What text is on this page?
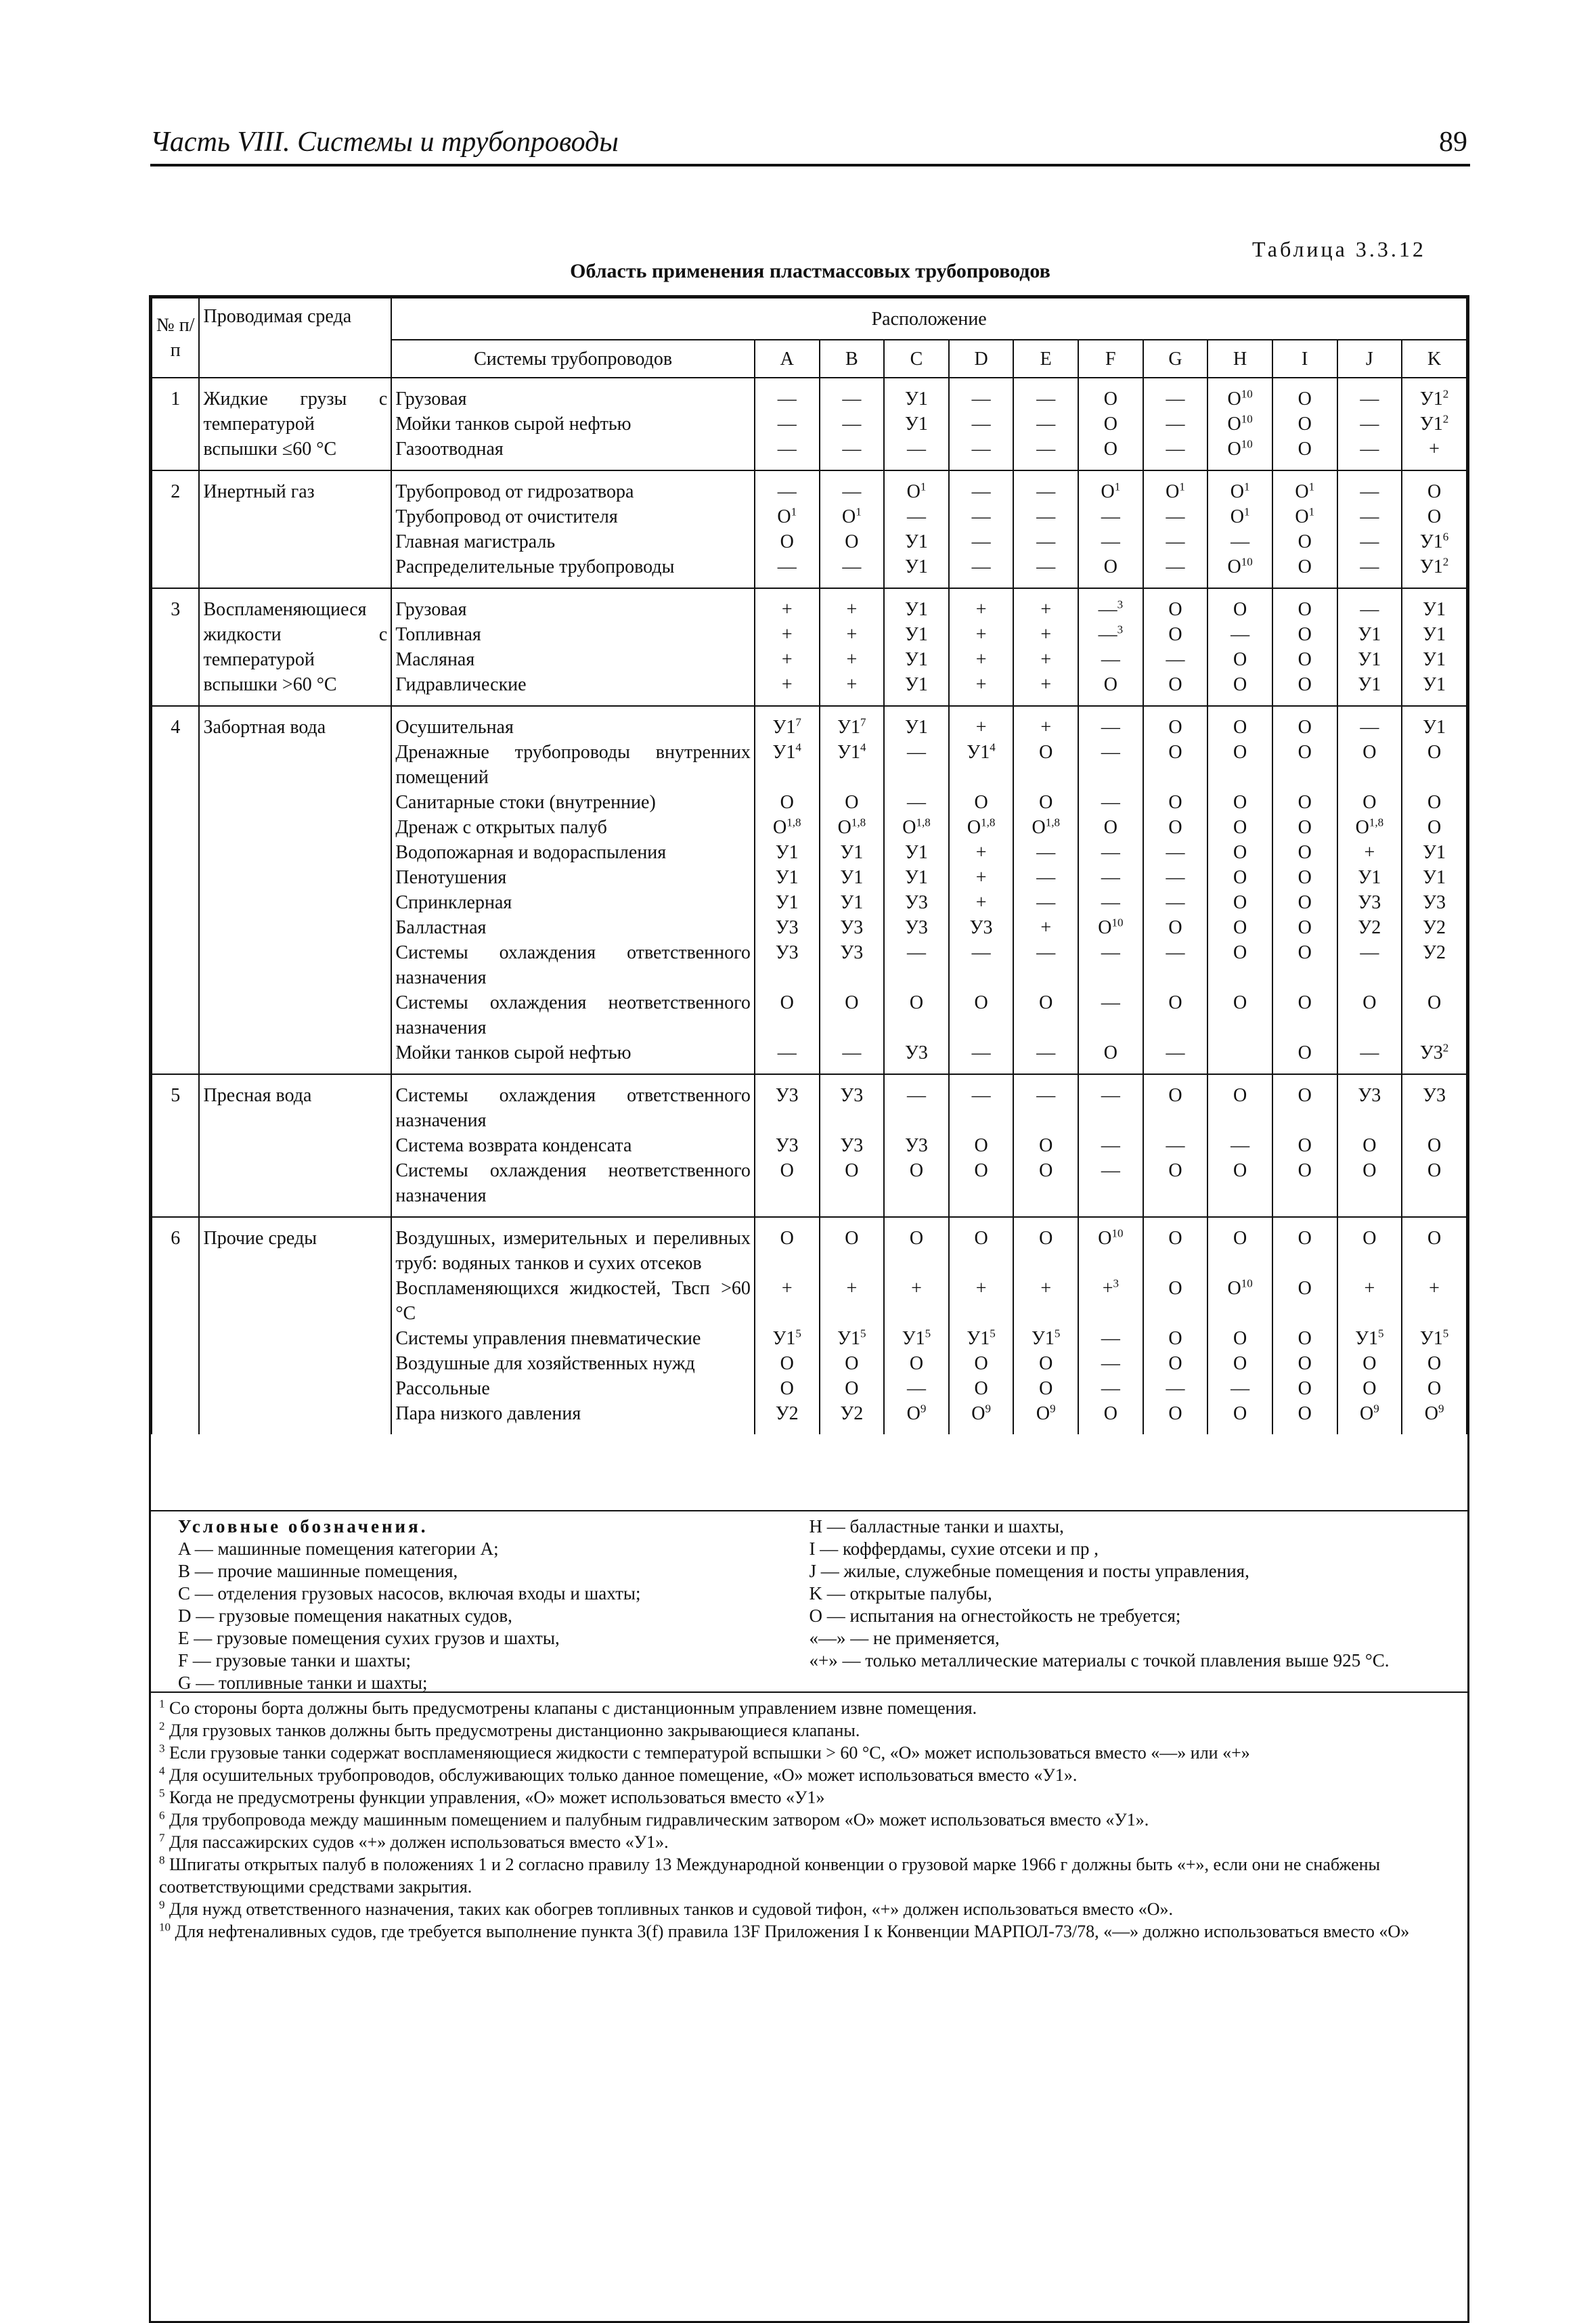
Часть VIII. Системы и трубопроводы	89
Таблица 3.3.12
Область применения пластмассовых трубопроводов
№ п/п	Проводимая среда	Расположение											
		Системы трубопроводов	A	B	C	D	E	F	G	H	I	J	K
1	Жидкие грузы с температурой вспышки ≤60 °С	Грузовая	—	—	У1	—	—	O	—	$O^{10}$	O	—	$У1^2$
		Мойки танков сырой нефтью	—	—	У1	—	—	O	—	$O^{10}$	O	—	$У1^2$
		Газоотводная	—	—	—	—	—	O	—	$O^{10}$	O	—	+
2	Инертный газ	Трубопровод от гидрозатвора	—	—	$O^1$	—	—	$O^1$	$O^1$	$O^1$	$O^1$	—	O
		Трубопровод от очистителя	$O^1$	$O^1$	—	—	—	—	—	$O^1$	$O^1$	—	O
		Главная магистраль	O	O	У1	—	—	—	—	—	O	—	$У1^6$
		Распределительные трубопроводы	—	—	У1	—	—	O	—	$O^{10}$	O	—	$У1^2$
3	Воспламеняющиеся жидкости с температурой вспышки >60 °С	Грузовая	+	+	У1	+	+	—$^3$	O	O	O	—	У1
		Топливная	+	+	У1	+	+	—$^3$	O	—	O	У1	У1
		Масляная	+	+	У1	+	+	—	—	O	O	У1	У1
		Гидравлические	+	+	У1	+	+	O	O	O	O	У1	У1
4	Забортная вода	Осушительная	$У1^7$	$У1^7$	У1	+	+	—	O	O	O	—	У1
		Дренажные трубопроводы внутренних помещений	$У1^4$	$У1^4$	—	$У1^4$	O	—	O	O	O	O	O
		Санитарные стоки (внутренние)	O	O	—	O	O	—	O	O	O	O	O
		Дренаж с открытых палуб	O$^{1,8}$	O$^{1,8}$	O$^{1,8}$	O$^{1,8}$	O$^{1,8}$	O	O	O	O	O$^{1,8}$	O
		Водопожарная и водораспыления	У1	У1	У1	+	—	—	—	O	O	+	У1
		Пенотушения	У1	У1	У1	+	—	—	—	O	O	У1	У1
		Спринклерная	У1	У1	У3	+	—	—	—	O	O	У3	У3
		Балластная	У3	У3	У3	У3	+	$O^{10}$	O	O	O	У2	У2
		Системы охлаждения ответственного назначения	У3	У3	—	—	—	—	—	O	O	—	У2
		Системы охлаждения неответственного назначения	O	O	O	O	O	—	O	O	O	O	O
		Мойки танков сырой нефтью	—	—	У3	—	—	O	—		O	—	$У3^2$
5	Пресная вода	Системы охлаждения ответственного назначения	У3	У3	—	—	—	—	O	O	O	У3	У3
		Система возврата конденсата	У3	У3	У3	O	O	—	—	—	O	O	O
		Системы охлаждения неответственного назначения	O	O	O	O	O	—	O	O	O	O	O
6	Прочие среды	Воздушных, измерительных и переливных труб: водяных танков и сухих отсеков	O	O	O	O	O	$O^{10}$	O	O	O	O	O
		Воспламеняющихся жидкостей, Твсп >60 °С	+	+	+	+	+	+$^3$	O	$O^{10}$	O	+	+
		Системы управления пневматические	$У1^5$	$У1^5$	$У1^5$	$У1^5$	$У1^5$	—	O	O	O	$У1^5$	$У1^5$
		Воздушные для хозяйственных нужд	O	O	O	O	O	—	O	O	O	O	O
		Рассольные	O	O	—	O	O	—	—	—	O	O	O
		Пара низкого давления	У2	У2	$O^9$	$O^9$	$O^9$	O	O	O	O	$O^9$	$O^9$
Условные обозначения.
A — машинные помещения категории A;
B — прочие машинные помещения,
C — отделения грузовых насосов, включая входы и шахты;
D — грузовые помещения накатных судов,
E — грузовые помещения сухих грузов и шахты,
F — грузовые танки и шахты;
G — топливные танки и шахты;
H — балластные танки и шахты,
I — коффердамы, сухие отсеки и пр ,
J — жилые, служебные помещения и посты управления,
K — открытые палубы,
O — испытания на огнестойкость не требуется;
«—» — не применяется,
«+» — только металлические материалы с точкой плавления выше 925 °С.

$^1$ Со стороны борта должны быть предусмотрены клапаны с дистанционным управлением извне помещения.

$^2$ Для грузовых танков должны быть предусмотрены дистанционно закрывающиеся клапаны.

$^3$ Если грузовые танки содержат воспламеняющиеся жидкости с температурой вспышки > 60 °С, «O» может использоваться вместо «—» или «+»

$^4$ Для осушительных трубопроводов, обслуживающих только данное помещение, «O» может использоваться вместо «У1».

$^5$ Когда не предусмотрены функции управления, «O» может использоваться вместо «У1»

$^6$ Для трубопровода между машинным помещением и палубным гидравлическим затвором «O» может использоваться вместо «У1».

$^7$ Для пассажирских судов «+» должен использоваться вместо «У1».

$^8$ Шпигаты открытых палуб в положениях 1 и 2 согласно правилу 13 Международной конвенции о грузовой марке 1966 г должны быть «+», если они не снабжены соответствующими средствами закрытия.

$^9$ Для нужд ответственного назначения, таких как обогрев топливных танков и судовой тифон, «+» должен использоваться вместо «O».

$^{10}$ Для нефтеналивных судов, где требуется выполнение пункта 3(f) правила 13F Приложения I к Конвенции МАРПОЛ-73/78, «—» должно использоваться вместо «O»
